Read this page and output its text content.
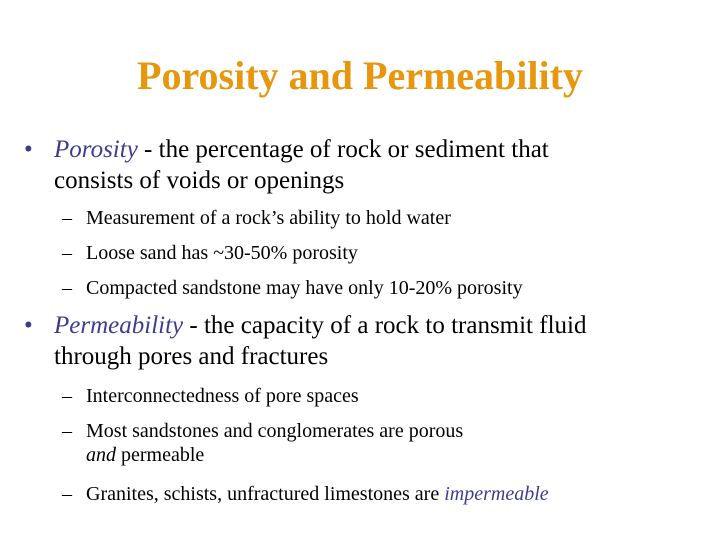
Porosity and Permeability
• Porosity - the percentage of rock or sediment that
consists of voids or openings
– Measurement of a rock’s ability to hold water
– Loose sand has ~30-50% porosity
– Compacted sandstone may have only 10-20% porosity
• Permeability - the capacity of a rock to transmit fluid
through pores and fractures
– Interconnectedness of pore spaces
– Most sandstones and conglomerates are porous
and permeable
– Granites, schists, unfractured limestones are impermeable
